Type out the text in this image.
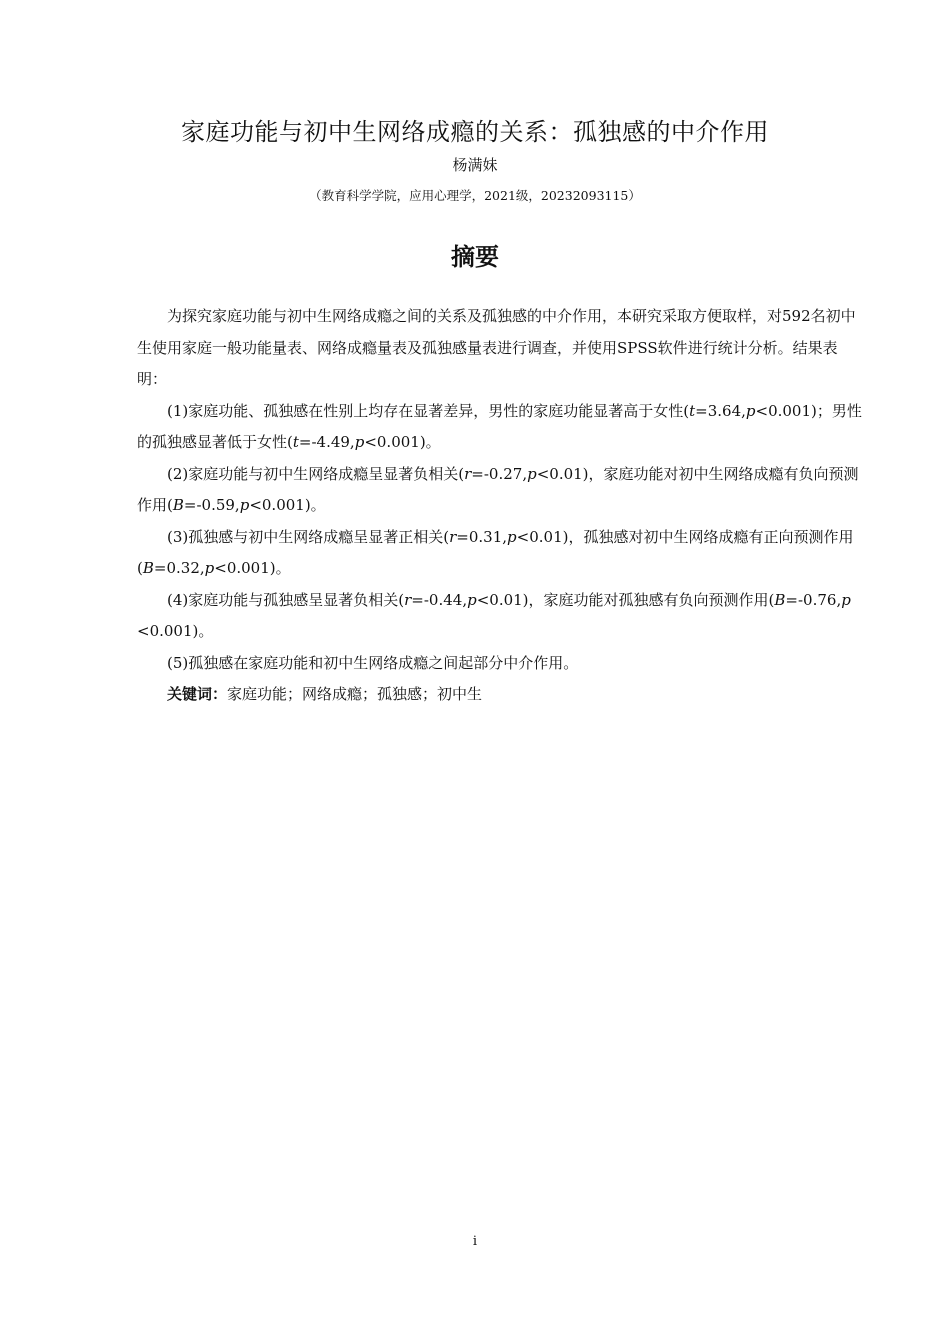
家庭功能与初中生网络成瘾的关系：孤独感的中介作用
杨满妹
（教育科学学院，应用心理学，2021级，20232093115）
摘要

为探究家庭功能与初中生网络成瘾之间的关系及孤独感的中介作用，本研究采取方便取样，对592名初中生使用家庭一般功能量表、网络成瘾量表及孤独感量表进行调查，并使用SPSS软件进行统计分析。结果表明：

(1)家庭功能、孤独感在性别上均存在显著差异，男性的家庭功能显著高于女性(t=3.64,p<0.001)；男性的孤独感显著低于女性(t=-4.49,p<0.001)。

(2)家庭功能与初中生网络成瘾呈显著负相关(r=-0.27,p<0.01)，家庭功能对初中生网络成瘾有负向预测作用(B=-0.59,p<0.001)。

(3)孤独感与初中生网络成瘾呈显著正相关(r=0.31,p<0.01)，孤独感对初中生网络成瘾有正向预测作用(B=0.32,p<0.001)。

(4)家庭功能与孤独感呈显著负相关(r=-0.44,p<0.01)，家庭功能对孤独感有负向预测作用(B=-0.76,p<0.001)。

(5)孤独感在家庭功能和初中生网络成瘾之间起部分中介作用。

关键词：家庭功能；网络成瘾；孤独感；初中生

i
